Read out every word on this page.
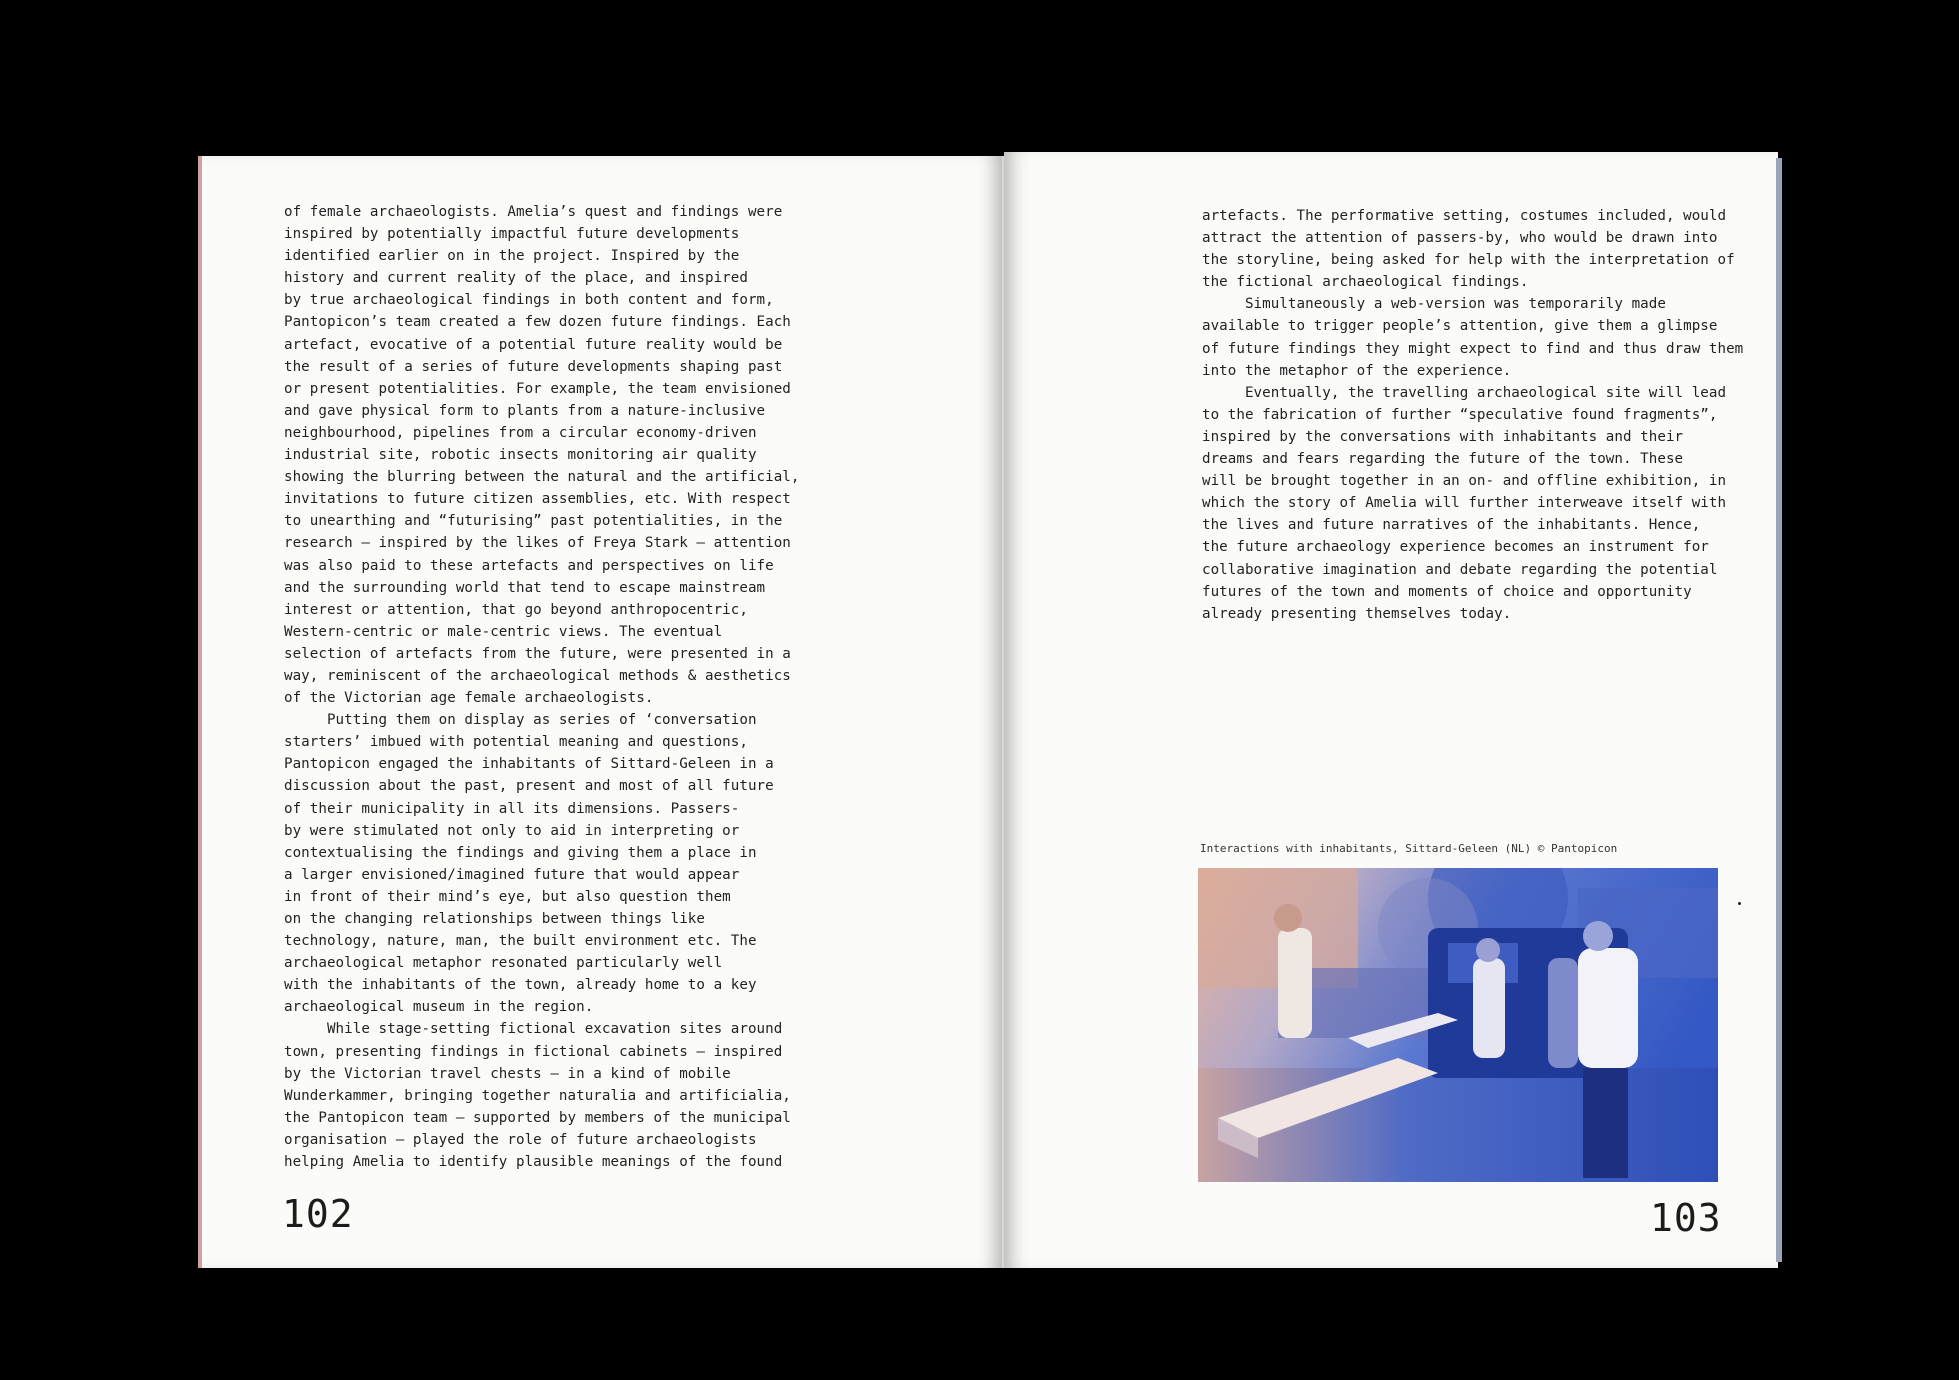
of female archaeologists. Amelia’s quest and findings were
inspired by potentially impactful future developments
identified earlier on in the project. Inspired by the
history and current reality of the place, and inspired
by true archaeological findings in both content and form,
Pantopicon’s team created a few dozen future findings. Each
artefact, evocative of a potential future reality would be
the result of a series of future developments shaping past
or present potentialities. For example, the team envisioned
and gave physical form to plants from a nature-inclusive
neighbourhood, pipelines from a circular economy-driven
industrial site, robotic insects monitoring air quality
showing the blurring between the natural and the artificial,
invitations to future citizen assemblies, etc. With respect
to unearthing and “futurising” past potentialities, in the
research – inspired by the likes of Freya Stark – attention
was also paid to these artefacts and perspectives on life
and the surrounding world that tend to escape mainstream
interest or attention, that go beyond anthropocentric,
Western-centric or male-centric views. The eventual
selection of artefacts from the future, were presented in a
way, reminiscent of the archaeological methods & aesthetics
of the Victorian age female archaeologists.
Putting them on display as series of ‘conversation
starters’ imbued with potential meaning and questions,
Pantopicon engaged the inhabitants of Sittard-Geleen in a
discussion about the past, present and most of all future
of their municipality in all its dimensions. Passers-
by were stimulated not only to aid in interpreting or
contextualising the findings and giving them a place in
a larger envisioned/imagined future that would appear
in front of their mind’s eye, but also question them
on the changing relationships between things like
technology, nature, man, the built environment etc. The
archaeological metaphor resonated particularly well
with the inhabitants of the town, already home to a key
archaeological museum in the region.
While stage-setting fictional excavation sites around
town, presenting findings in fictional cabinets – inspired
by the Victorian travel chests – in a kind of mobile
Wunderkammer, bringing together naturalia and artificialia,
the Pantopicon team – supported by members of the municipal
organisation – played the role of future archaeologists
helping Amelia to identify plausible meanings of the found
102
artefacts. The performative setting, costumes included, would
attract the attention of passers-by, who would be drawn into
the storyline, being asked for help with the interpretation of
the fictional archaeological findings.
Simultaneously a web-version was temporarily made
available to trigger people’s attention, give them a glimpse
of future findings they might expect to find and thus draw them
into the metaphor of the experience.
Eventually, the travelling archaeological site will lead
to the fabrication of further “speculative found fragments”,
inspired by the conversations with inhabitants and their
dreams and fears regarding the future of the town. These
will be brought together in an on- and offline exhibition, in
which the story of Amelia will further interweave itself with
the lives and future narratives of the inhabitants. Hence,
the future archaeology experience becomes an instrument for
collaborative imagination and debate regarding the potential
futures of the town and moments of choice and opportunity
already presenting themselves today.
Interactions with inhabitants, Sittard-Geleen (NL) © Pantopicon
103
